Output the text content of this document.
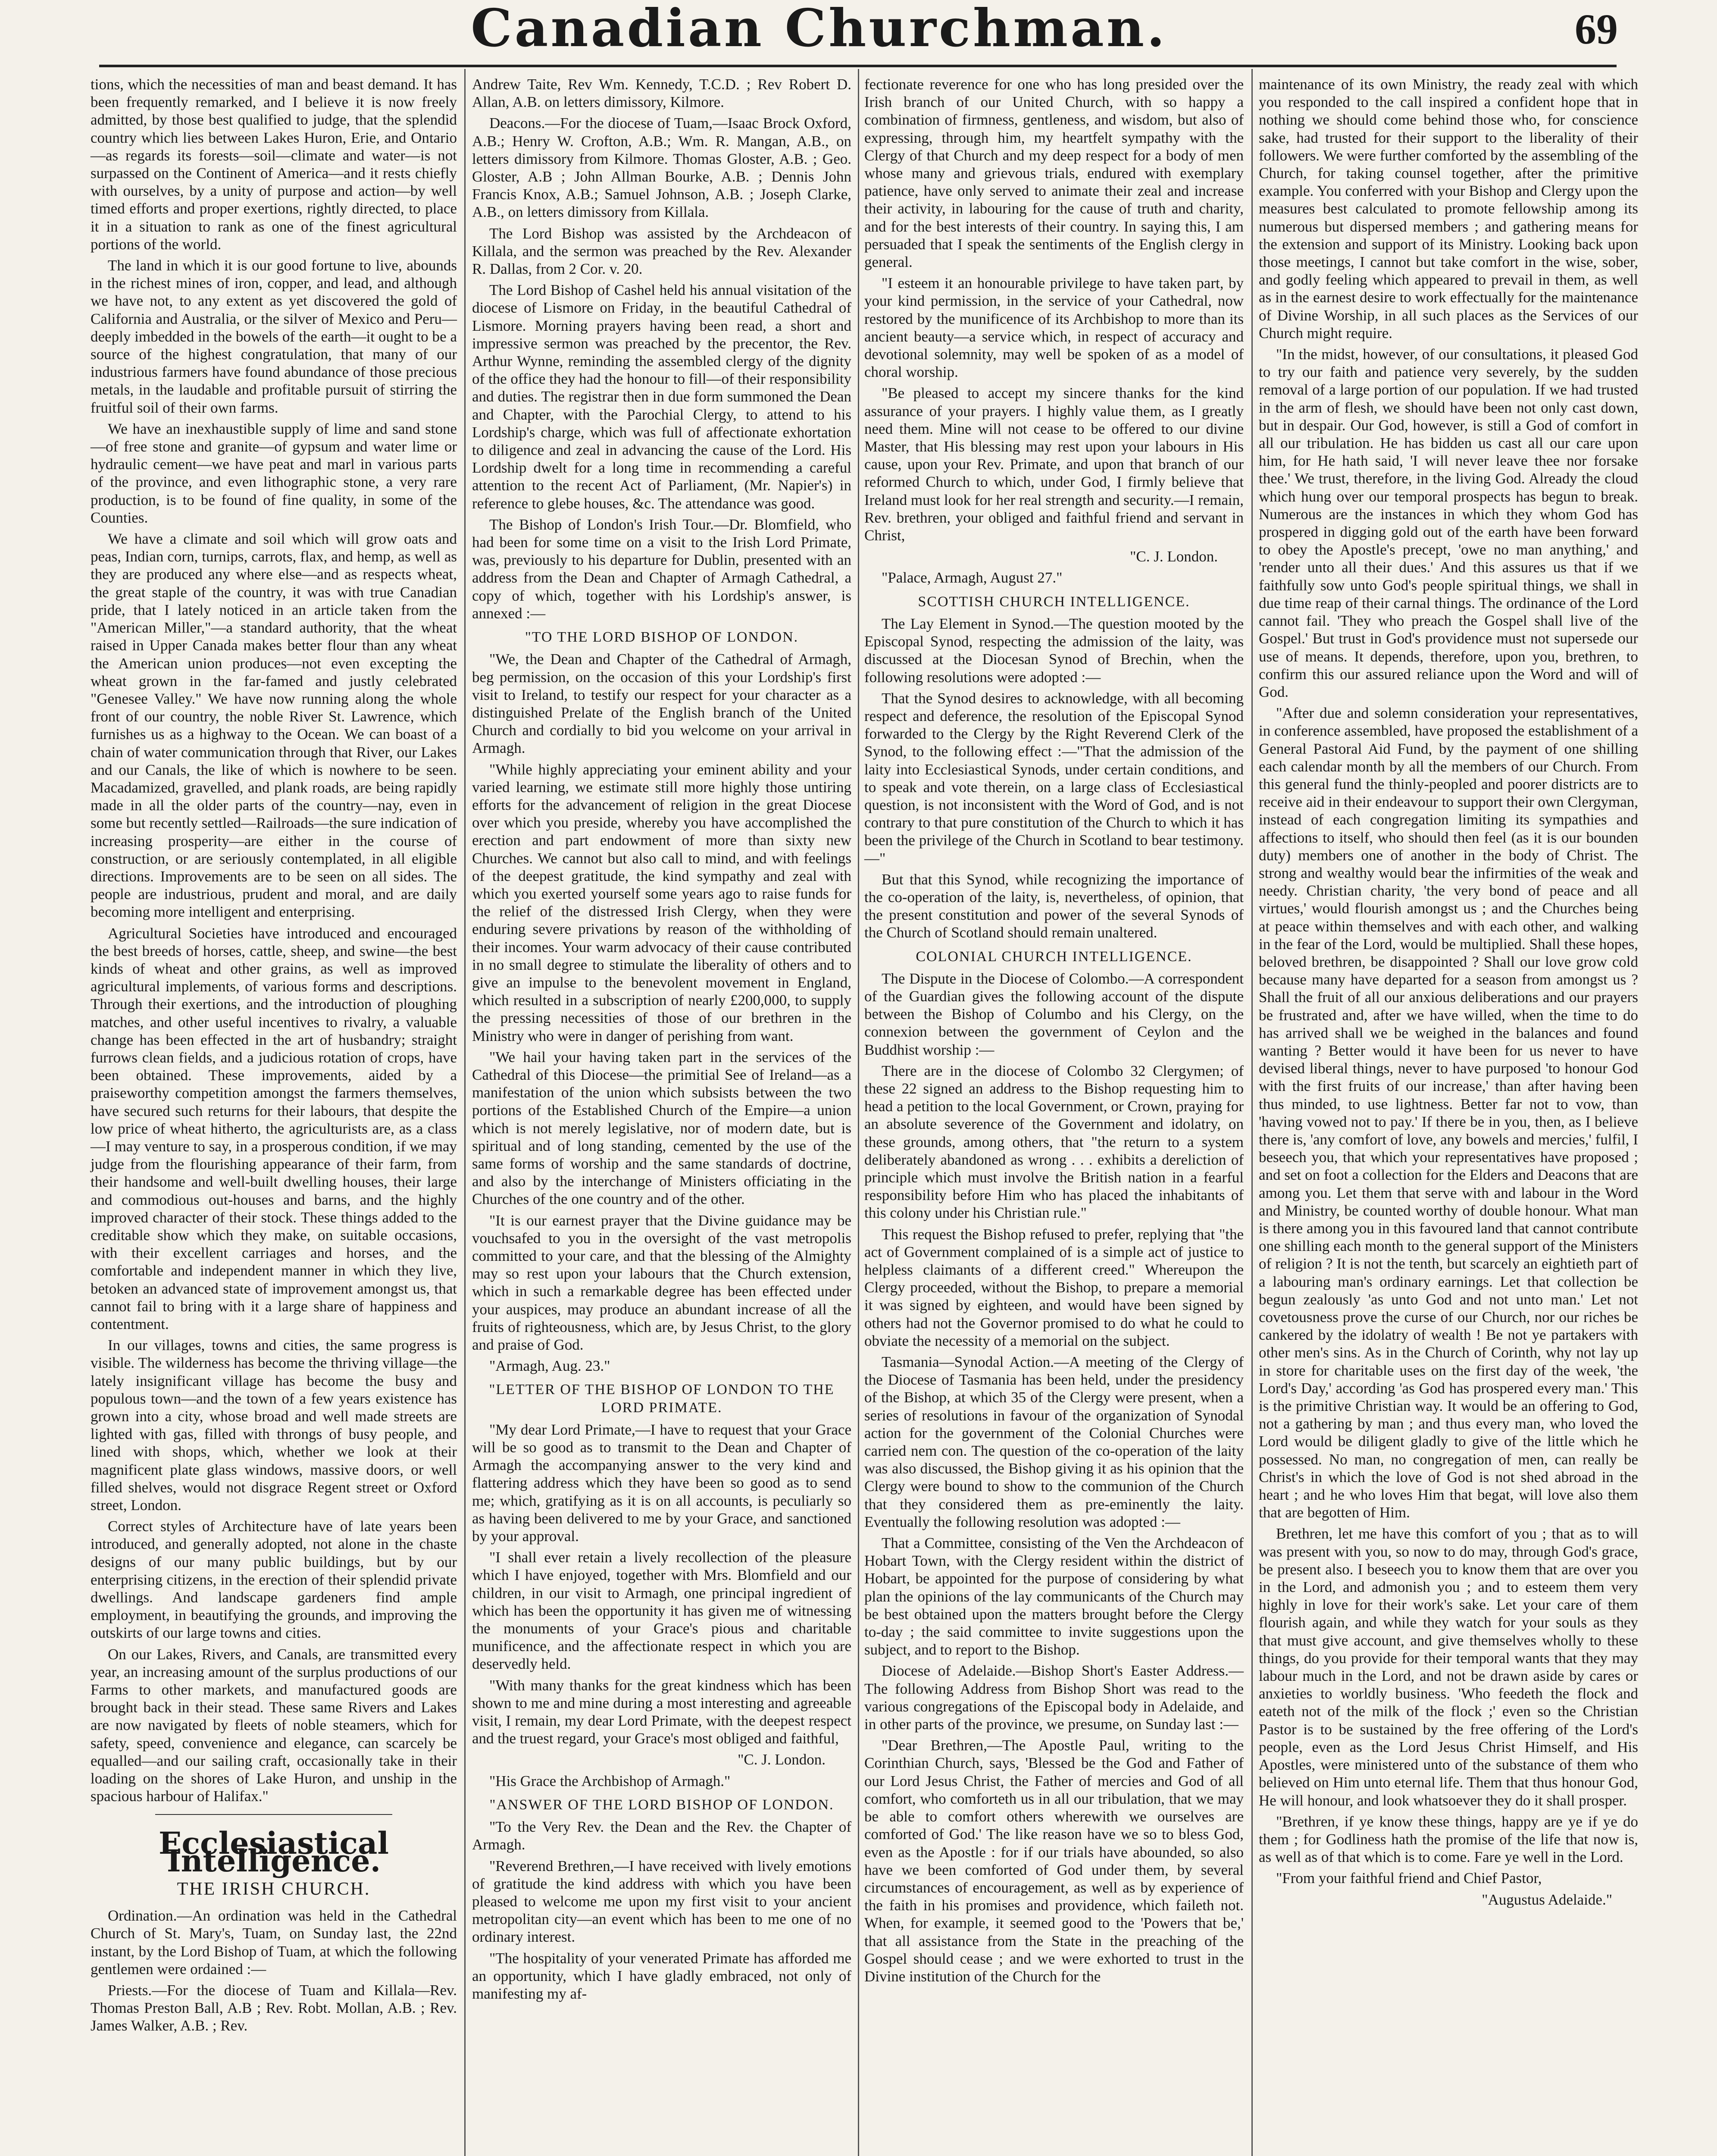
Canadian Churchman.	69

tions, which the necessities of man and beast demand. It has been frequently remarked, and I believe it is now freely admitted, by those best qualified to judge, that the splendid country which lies between Lakes Huron, Erie, and Ontario—as regards its forests—soil—climate and water—is not surpassed on the Continent of America—and it rests chiefly with ourselves, by a unity of purpose and action—by well timed efforts and proper exertions, rightly directed, to place it in a situation to rank as one of the finest agricultural portions of the world.

The land in which it is our good fortune to live, abounds in the richest mines of iron, copper, and lead, and although we have not, to any extent as yet discovered the gold of California and Australia, or the silver of Mexico and Peru—deeply imbedded in the bowels of the earth—it ought to be a source of the highest congratulation, that many of our industrious farmers have found abundance of those precious metals, in the laudable and profitable pursuit of stirring the fruitful soil of their own farms.

We have an inexhaustible supply of lime and sand stone—of free stone and granite—of gypsum and water lime or hydraulic cement—we have peat and marl in various parts of the province, and even lithographic stone, a very rare production, is to be found of fine quality, in some of the Counties.

We have a climate and soil which will grow oats and peas, Indian corn, turnips, carrots, flax, and hemp, as well as they are produced any where else—and as respects wheat, the great staple of the country, it was with true Canadian pride, that I lately noticed in an article taken from the "American Miller,"—a standard authority, that the wheat raised in Upper Canada makes better flour than any wheat the American union produces—not even excepting the wheat grown in the far-famed and justly celebrated "Genesee Valley." We have now running along the whole front of our country, the noble River St. Lawrence, which furnishes us as a highway to the Ocean. We can boast of a chain of water communication through that River, our Lakes and our Canals, the like of which is nowhere to be seen. Macadamized, gravelled, and plank roads, are being rapidly made in all the older parts of the country—nay, even in some but recently settled—Railroads—the sure indication of increasing prosperity—are either in the course of construction, or are seriously contemplated, in all eligible directions. Improvements are to be seen on all sides. The people are industrious, prudent and moral, and are daily becoming more intelligent and enterprising.

Agricultural Societies have introduced and encouraged the best breeds of horses, cattle, sheep, and swine—the best kinds of wheat and other grains, as well as improved agricultural implements, of various forms and descriptions. Through their exertions, and the introduction of ploughing matches, and other useful incentives to rivalry, a valuable change has been effected in the art of husbandry; straight furrows clean fields, and a judicious rotation of crops, have been obtained. These improvements, aided by a praiseworthy competition amongst the farmers themselves, have secured such returns for their labours, that despite the low price of wheat hitherto, the agriculturists are, as a class—I may venture to say, in a prosperous condition, if we may judge from the flourishing appearance of their farm, from their handsome and well-built dwelling houses, their large and commodious out-houses and barns, and the highly improved character of their stock. These things added to the creditable show which they make, on suitable occasions, with their excellent carriages and horses, and the comfortable and independent manner in which they live, betoken an advanced state of improvement amongst us, that cannot fail to bring with it a large share of happiness and contentment.

In our villages, towns and cities, the same progress is visible. The wilderness has become the thriving village—the lately insignificant village has become the busy and populous town—and the town of a few years existence has grown into a city, whose broad and well made streets are lighted with gas, filled with throngs of busy people, and lined with shops, which, whether we look at their magnificent plate glass windows, massive doors, or well filled shelves, would not disgrace Regent street or Oxford street, London.

Correct styles of Architecture have of late years been introduced, and generally adopted, not alone in the chaste designs of our many public buildings, but by our enterprising citizens, in the erection of their splendid private dwellings. And landscape gardeners find ample employment, in beautifying the grounds, and improving the outskirts of our large towns and cities.

On our Lakes, Rivers, and Canals, are transmitted every year, an increasing amount of the surplus productions of our Farms to other markets, and manufactured goods are brought back in their stead. These same Rivers and Lakes are now navigated by fleets of noble steamers, which for safety, speed, convenience and elegance, can scarcely be equalled—and our sailing craft, occasionally take in their loading on the shores of Lake Huron, and unship in the spacious harbour of Halifax."

Ecclesiastical Intelligence.
THE IRISH CHURCH.

Ordination.—An ordination was held in the Cathedral Church of St. Mary's, Tuam, on Sunday last, the 22nd instant, by the Lord Bishop of Tuam, at which the following gentlemen were ordained :—

Priests.—For the diocese of Tuam and Killala—Rev. Thomas Preston Ball, A.B ; Rev. Robt. Mollan, A.B. ; Rev. James Walker, A.B. ; Rev.

Andrew Taite, Rev Wm. Kennedy, T.C.D. ; Rev Robert D. Allan, A.B. on letters dimissory, Kilmore.

Deacons.—For the diocese of Tuam,—Isaac Brock Oxford, A.B.; Henry W. Crofton, A.B.; Wm. R. Mangan, A.B., on letters dimissory from Kilmore. Thomas Gloster, A.B. ; Geo. Gloster, A.B ; John Allman Bourke, A.B. ; Dennis John Francis Knox, A.B.; Samuel Johnson, A.B. ; Joseph Clarke, A.B., on letters dimissory from Killala.

The Lord Bishop was assisted by the Archdeacon of Killala, and the sermon was preached by the Rev. Alexander R. Dallas, from 2 Cor. v. 20.

The Lord Bishop of Cashel held his annual visitation of the diocese of Lismore on Friday, in the beautiful Cathedral of Lismore. Morning prayers having been read, a short and impressive sermon was preached by the precentor, the Rev. Arthur Wynne, reminding the assembled clergy of the dignity of the office they had the honour to fill—of their responsibility and duties. The registrar then in due form summoned the Dean and Chapter, with the Parochial Clergy, to attend to his Lordship's charge, which was full of affectionate exhortation to diligence and zeal in advancing the cause of the Lord. His Lordship dwelt for a long time in recommending a careful attention to the recent Act of Parliament, (Mr. Napier's) in reference to glebe houses, &c. The attendance was good.

The Bishop of London's Irish Tour.—Dr. Blomfield, who had been for some time on a visit to the Irish Lord Primate, was, previously to his departure for Dublin, presented with an address from the Dean and Chapter of Armagh Cathedral, a copy of which, together with his Lordship's answer, is annexed :—

"TO THE LORD BISHOP OF LONDON.

"We, the Dean and Chapter of the Cathedral of Armagh, beg permission, on the occasion of this your Lordship's first visit to Ireland, to testify our respect for your character as a distinguished Prelate of the English branch of the United Church and cordially to bid you welcome on your arrival in Armagh.

"While highly appreciating your eminent ability and your varied learning, we estimate still more highly those untiring efforts for the advancement of religion in the great Diocese over which you preside, whereby you have accomplished the erection and part endowment of more than sixty new Churches. We cannot but also call to mind, and with feelings of the deepest gratitude, the kind sympathy and zeal with which you exerted yourself some years ago to raise funds for the relief of the distressed Irish Clergy, when they were enduring severe privations by reason of the withholding of their incomes. Your warm advocacy of their cause contributed in no small degree to stimulate the liberality of others and to give an impulse to the benevolent movement in England, which resulted in a subscription of nearly £200,000, to supply the pressing necessities of those of our brethren in the Ministry who were in danger of perishing from want.

"We hail your having taken part in the services of the Cathedral of this Diocese—the primitial See of Ireland—as a manifestation of the union which subsists between the two portions of the Established Church of the Empire—a union which is not merely legislative, nor of modern date, but is spiritual and of long standing, cemented by the use of the same forms of worship and the same standards of doctrine, and also by the interchange of Ministers officiating in the Churches of the one country and of the other.

"It is our earnest prayer that the Divine guidance may be vouchsafed to you in the oversight of the vast metropolis committed to your care, and that the blessing of the Almighty may so rest upon your labours that the Church extension, which in such a remarkable degree has been effected under your auspices, may produce an abundant increase of all the fruits of righteousness, which are, by Jesus Christ, to the glory and praise of God.

"Armagh, Aug. 23."

"LETTER OF THE BISHOP OF LONDON TO THE LORD PRIMATE.

"My dear Lord Primate,—I have to request that your Grace will be so good as to transmit to the Dean and Chapter of Armagh the accompanying answer to the very kind and flattering address which they have been so good as to send me; which, gratifying as it is on all accounts, is peculiarly so as having been delivered to me by your Grace, and sanctioned by your approval.

"I shall ever retain a lively recollection of the pleasure which I have enjoyed, together with Mrs. Blomfield and our children, in our visit to Armagh, one principal ingredient of which has been the opportunity it has given me of witnessing the monuments of your Grace's pious and charitable munificence, and the affectionate respect in which you are deservedly held.

"With many thanks for the great kindness which has been shown to me and mine during a most interesting and agreeable visit, I remain, my dear Lord Primate, with the deepest respect and the truest regard, your Grace's most obliged and faithful,

"C. J. London.

"His Grace the Archbishop of Armagh."

"ANSWER OF THE LORD BISHOP OF LONDON.

"To the Very Rev. the Dean and the Rev. the Chapter of Armagh.

"Reverend Brethren,—I have received with lively emotions of gratitude the kind address with which you have been pleased to welcome me upon my first visit to your ancient metropolitan city—an event which has been to me one of no ordinary interest.

"The hospitality of your venerated Primate has afforded me an opportunity, which I have gladly embraced, not only of manifesting my af-

fectionate reverence for one who has long presided over the Irish branch of our United Church, with so happy a combination of firmness, gentleness, and wisdom, but also of expressing, through him, my heartfelt sympathy with the Clergy of that Church and my deep respect for a body of men whose many and grievous trials, endured with exemplary patience, have only served to animate their zeal and increase their activity, in labouring for the cause of truth and charity, and for the best interests of their country. In saying this, I am persuaded that I speak the sentiments of the English clergy in general.

"I esteem it an honourable privilege to have taken part, by your kind permission, in the service of your Cathedral, now restored by the munificence of its Archbishop to more than its ancient beauty—a service which, in respect of accuracy and devotional solemnity, may well be spoken of as a model of choral worship.

"Be pleased to accept my sincere thanks for the kind assurance of your prayers. I highly value them, as I greatly need them. Mine will not cease to be offered to our divine Master, that His blessing may rest upon your labours in His cause, upon your Rev. Primate, and upon that branch of our reformed Church to which, under God, I firmly believe that Ireland must look for her real strength and security.—I remain, Rev. brethren, your obliged and faithful friend and servant in Christ,

"C. J. London.

"Palace, Armagh, August 27."

SCOTTISH CHURCH INTELLIGENCE.

The Lay Element in Synod.—The question mooted by the Episcopal Synod, respecting the admission of the laity, was discussed at the Diocesan Synod of Brechin, when the following resolutions were adopted :—

That the Synod desires to acknowledge, with all becoming respect and deference, the resolution of the Episcopal Synod forwarded to the Clergy by the Right Reverend Clerk of the Synod, to the following effect :—"That the admission of the laity into Ecclesiastical Synods, under certain conditions, and to speak and vote therein, on a large class of Ecclesiastical question, is not inconsistent with the Word of God, and is not contrary to that pure constitution of the Church to which it has been the privilege of the Church in Scotland to bear testimony.—"

But that this Synod, while recognizing the importance of the co-operation of the laity, is, nevertheless, of opinion, that the present constitution and power of the several Synods of the Church of Scotland should remain unaltered.

COLONIAL CHURCH INTELLIGENCE.

The Dispute in the Diocese of Colombo.—A correspondent of the Guardian gives the following account of the dispute between the Bishop of Columbo and his Clergy, on the connexion between the government of Ceylon and the Buddhist worship :—

There are in the diocese of Colombo 32 Clergymen; of these 22 signed an address to the Bishop requesting him to head a petition to the local Government, or Crown, praying for an absolute severence of the Government and idolatry, on these grounds, among others, that "the return to a system deliberately abandoned as wrong . . . exhibits a dereliction of principle which must involve the British nation in a fearful responsibility before Him who has placed the inhabitants of this colony under his Christian rule."

This request the Bishop refused to prefer, replying that "the act of Government complained of is a simple act of justice to helpless claimants of a different creed." Whereupon the Clergy proceeded, without the Bishop, to prepare a memorial it was signed by eighteen, and would have been signed by others had not the Governor promised to do what he could to obviate the necessity of a memorial on the subject.

Tasmania—Synodal Action.—A meeting of the Clergy of the Diocese of Tasmania has been held, under the presidency of the Bishop, at which 35 of the Clergy were present, when a series of resolutions in favour of the organization of Synodal action for the government of the Colonial Churches were carried nem con. The question of the co-operation of the laity was also discussed, the Bishop giving it as his opinion that the Clergy were bound to show to the communion of the Church that they considered them as pre-eminently the laity. Eventually the following resolution was adopted :—

That a Committee, consisting of the Ven the Archdeacon of Hobart Town, with the Clergy resident within the district of Hobart, be appointed for the purpose of considering by what plan the opinions of the lay communicants of the Church may be best obtained upon the matters brought before the Clergy to-day ; the said committee to invite suggestions upon the subject, and to report to the Bishop.

Diocese of Adelaide.—Bishop Short's Easter Address.—The following Address from Bishop Short was read to the various congregations of the Episcopal body in Adelaide, and in other parts of the province, we presume, on Sunday last :—

"Dear Brethren,—The Apostle Paul, writing to the Corinthian Church, says, 'Blessed be the God and Father of our Lord Jesus Christ, the Father of mercies and God of all comfort, who comforteth us in all our tribulation, that we may be able to comfort others wherewith we ourselves are comforted of God.' The like reason have we so to bless God, even as the Apostle : for if our trials have abounded, so also have we been comforted of God under them, by several circumstances of encouragement, as well as by experience of the faith in his promises and providence, which faileth not. When, for example, it seemed good to the 'Powers that be,' that all assistance from the State in the preaching of the Gospel should cease ; and we were exhorted to trust in the Divine institution of the Church for the

maintenance of its own Ministry, the ready zeal with which you responded to the call inspired a confident hope that in nothing we should come behind those who, for conscience sake, had trusted for their support to the liberality of their followers. We were further comforted by the assembling of the Church, for taking counsel together, after the primitive example. You conferred with your Bishop and Clergy upon the measures best calculated to promote fellowship among its numerous but dispersed members ; and gathering means for the extension and support of its Ministry. Looking back upon those meetings, I cannot but take comfort in the wise, sober, and godly feeling which appeared to prevail in them, as well as in the earnest desire to work effectually for the maintenance of Divine Worship, in all such places as the Services of our Church might require.

"In the midst, however, of our consultations, it pleased God to try our faith and patience very severely, by the sudden removal of a large portion of our population. If we had trusted in the arm of flesh, we should have been not only cast down, but in despair. Our God, however, is still a God of comfort in all our tribulation. He has bidden us cast all our care upon him, for He hath said, 'I will never leave thee nor forsake thee.' We trust, therefore, in the living God. Already the cloud which hung over our temporal prospects has begun to break. Numerous are the instances in which they whom God has prospered in digging gold out of the earth have been forward to obey the Apostle's precept, 'owe no man anything,' and 'render unto all their dues.' And this assures us that if we faithfully sow unto God's people spiritual things, we shall in due time reap of their carnal things. The ordinance of the Lord cannot fail. 'They who preach the Gospel shall live of the Gospel.' But trust in God's providence must not supersede our use of means. It depends, therefore, upon you, brethren, to confirm this our assured reliance upon the Word and will of God.

"After due and solemn consideration your representatives, in conference assembled, have proposed the establishment of a General Pastoral Aid Fund, by the payment of one shilling each calendar month by all the members of our Church. From this general fund the thinly-peopled and poorer districts are to receive aid in their endeavour to support their own Clergyman, instead of each congregation limiting its sympathies and affections to itself, who should then feel (as it is our bounden duty) members one of another in the body of Christ. The strong and wealthy would bear the infirmities of the weak and needy. Christian charity, 'the very bond of peace and all virtues,' would flourish amongst us ; and the Churches being at peace within themselves and with each other, and walking in the fear of the Lord, would be multiplied. Shall these hopes, beloved brethren, be disappointed ? Shall our love grow cold because many have departed for a season from amongst us ? Shall the fruit of all our anxious deliberations and our prayers be frustrated and, after we have willed, when the time to do has arrived shall we be weighed in the balances and found wanting ? Better would it have been for us never to have devised liberal things, never to have purposed 'to honour God with the first fruits of our increase,' than after having been thus minded, to use lightness. Better far not to vow, than 'having vowed not to pay.' If there be in you, then, as I believe there is, 'any comfort of love, any bowels and mercies,' fulfil, I beseech you, that which your representatives have proposed ; and set on foot a collection for the Elders and Deacons that are among you. Let them that serve with and labour in the Word and Ministry, be counted worthy of double honour. What man is there among you in this favoured land that cannot contribute one shilling each month to the general support of the Ministers of religion ? It is not the tenth, but scarcely an eightieth part of a labouring man's ordinary earnings. Let that collection be begun zealously 'as unto God and not unto man.' Let not covetousness prove the curse of our Church, nor our riches be cankered by the idolatry of wealth ! Be not ye partakers with other men's sins. As in the Church of Corinth, why not lay up in store for charitable uses on the first day of the week, 'the Lord's Day,' according 'as God has prospered every man.' This is the primitive Christian way. It would be an offering to God, not a gathering by man ; and thus every man, who loved the Lord would be diligent gladly to give of the little which he possessed. No man, no congregation of men, can really be Christ's in which the love of God is not shed abroad in the heart ; and he who loves Him that begat, will love also them that are begotten of Him.

Brethren, let me have this comfort of you ; that as to will was present with you, so now to do may, through God's grace, be present also. I beseech you to know them that are over you in the Lord, and admonish you ; and to esteem them very highly in love for their work's sake. Let your care of them flourish again, and while they watch for your souls as they that must give account, and give themselves wholly to these things, do you provide for their temporal wants that they may labour much in the Lord, and not be drawn aside by cares or anxieties to worldly business. 'Who feedeth the flock and eateth not of the milk of the flock ;' even so the Christian Pastor is to be sustained by the free offering of the Lord's people, even as the Lord Jesus Christ Himself, and His Apostles, were ministered unto of the substance of them who believed on Him unto eternal life. Them that thus honour God, He will honour, and look whatsoever they do it shall prosper.

"Brethren, if ye know these things, happy are ye if ye do them ; for Godliness hath the promise of the life that now is, as well as of that which is to come. Fare ye well in the Lord.

"From your faithful friend and Chief Pastor,

"Augustus Adelaide."
